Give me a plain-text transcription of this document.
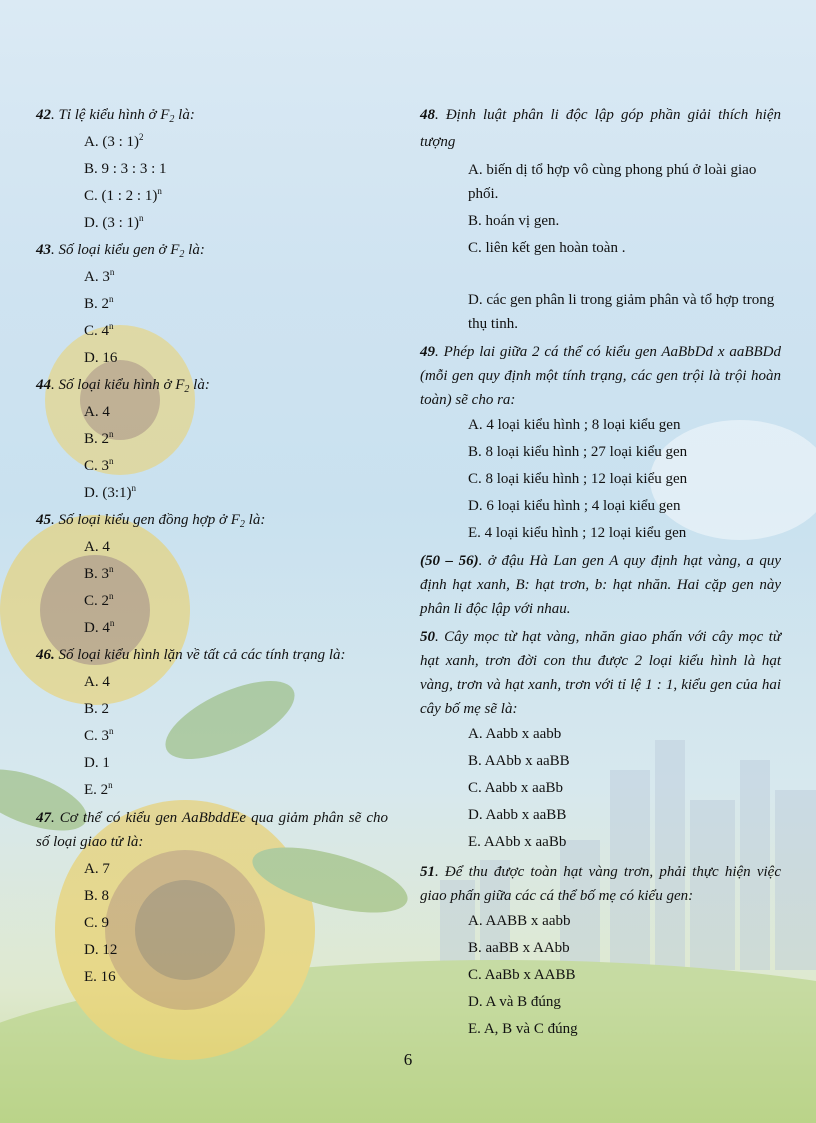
42. Tỉ lệ kiểu hình ở $F_2$ là:
A. (3 : 1)$^2$
B. 9 : 3 : 3 : 1
C. (1 : 2 : 1)$^n$
D. (3 : 1)$^n$
43. Số loại kiểu gen ở $F_2$ là:
A. 3$^n$
B. 2$^n$
C. 4$^n$
D. 16
44. Số loại kiểu hình ở $F_2$ là:
A. 4
B. 2$^n$
C. 3$^n$
D. (3:1)$^n$
45. Số loại kiểu gen đồng hợp ở $F_2$ là:
A. 4
B. 3$^n$
C. 2$^n$
D. 4$^n$
46. Số loại kiểu hình lặn về tất cả các tính trạng là:
A. 4
B. 2
C. 3$^n$
D. 1
E. 2$^n$
47. Cơ thể có kiểu gen AaBbddEe qua giảm phân sẽ cho số loại giao tử là:
A. 7
B. 8
C. 9
D. 12
E. 16
48. Định luật phân li độc lập góp phần giải thích hiện tượng
A. biến dị tổ hợp vô cùng phong phú ở loài giao phối.
B. hoán vị gen.
C. liên kết gen hoàn toàn .
D. các gen phân li trong giảm phân và tổ hợp trong thụ tinh.
49. Phép lai giữa 2 cá thể có kiểu gen AaBbDd x aaBBDd (mỗi gen quy định một tính trạng, các gen trội là trội hoàn toàn) sẽ cho ra:
A. 4 loại kiểu hình ; 8 loại kiểu gen
B. 8 loại kiểu hình ; 27 loại kiểu gen
C. 8 loại kiểu hình ; 12 loại kiểu gen
D. 6 loại kiểu hình ; 4 loại kiểu gen
E. 4 loại kiểu hình ; 12 loại kiểu gen
(50 – 56). ở đậu Hà Lan gen A quy định hạt vàng, a quy định hạt xanh, B: hạt trơn, b: hạt nhăn. Hai cặp gen này phân li độc lập với nhau.
50. Cây mọc từ hạt vàng, nhăn giao phấn với cây mọc từ hạt xanh, trơn đời con thu được 2 loại kiểu hình là hạt vàng, trơn và hạt xanh, trơn với tỉ lệ 1 : 1, kiểu gen của hai cây bố mẹ sẽ là:
A. Aabb x aabb
B. AAbb x aaBB
C. Aabb x aaBb
D. Aabb x aaBB
E. AAbb x aaBb
51. Để thu được toàn hạt vàng trơn, phải thực hiện việc giao phấn giữa các cá thể bố mẹ có kiểu gen:
A. AABB x aabb
B. aaBB x AAbb
C. AaBb x AABB
D. A và B đúng
E. A, B và C đúng
6
